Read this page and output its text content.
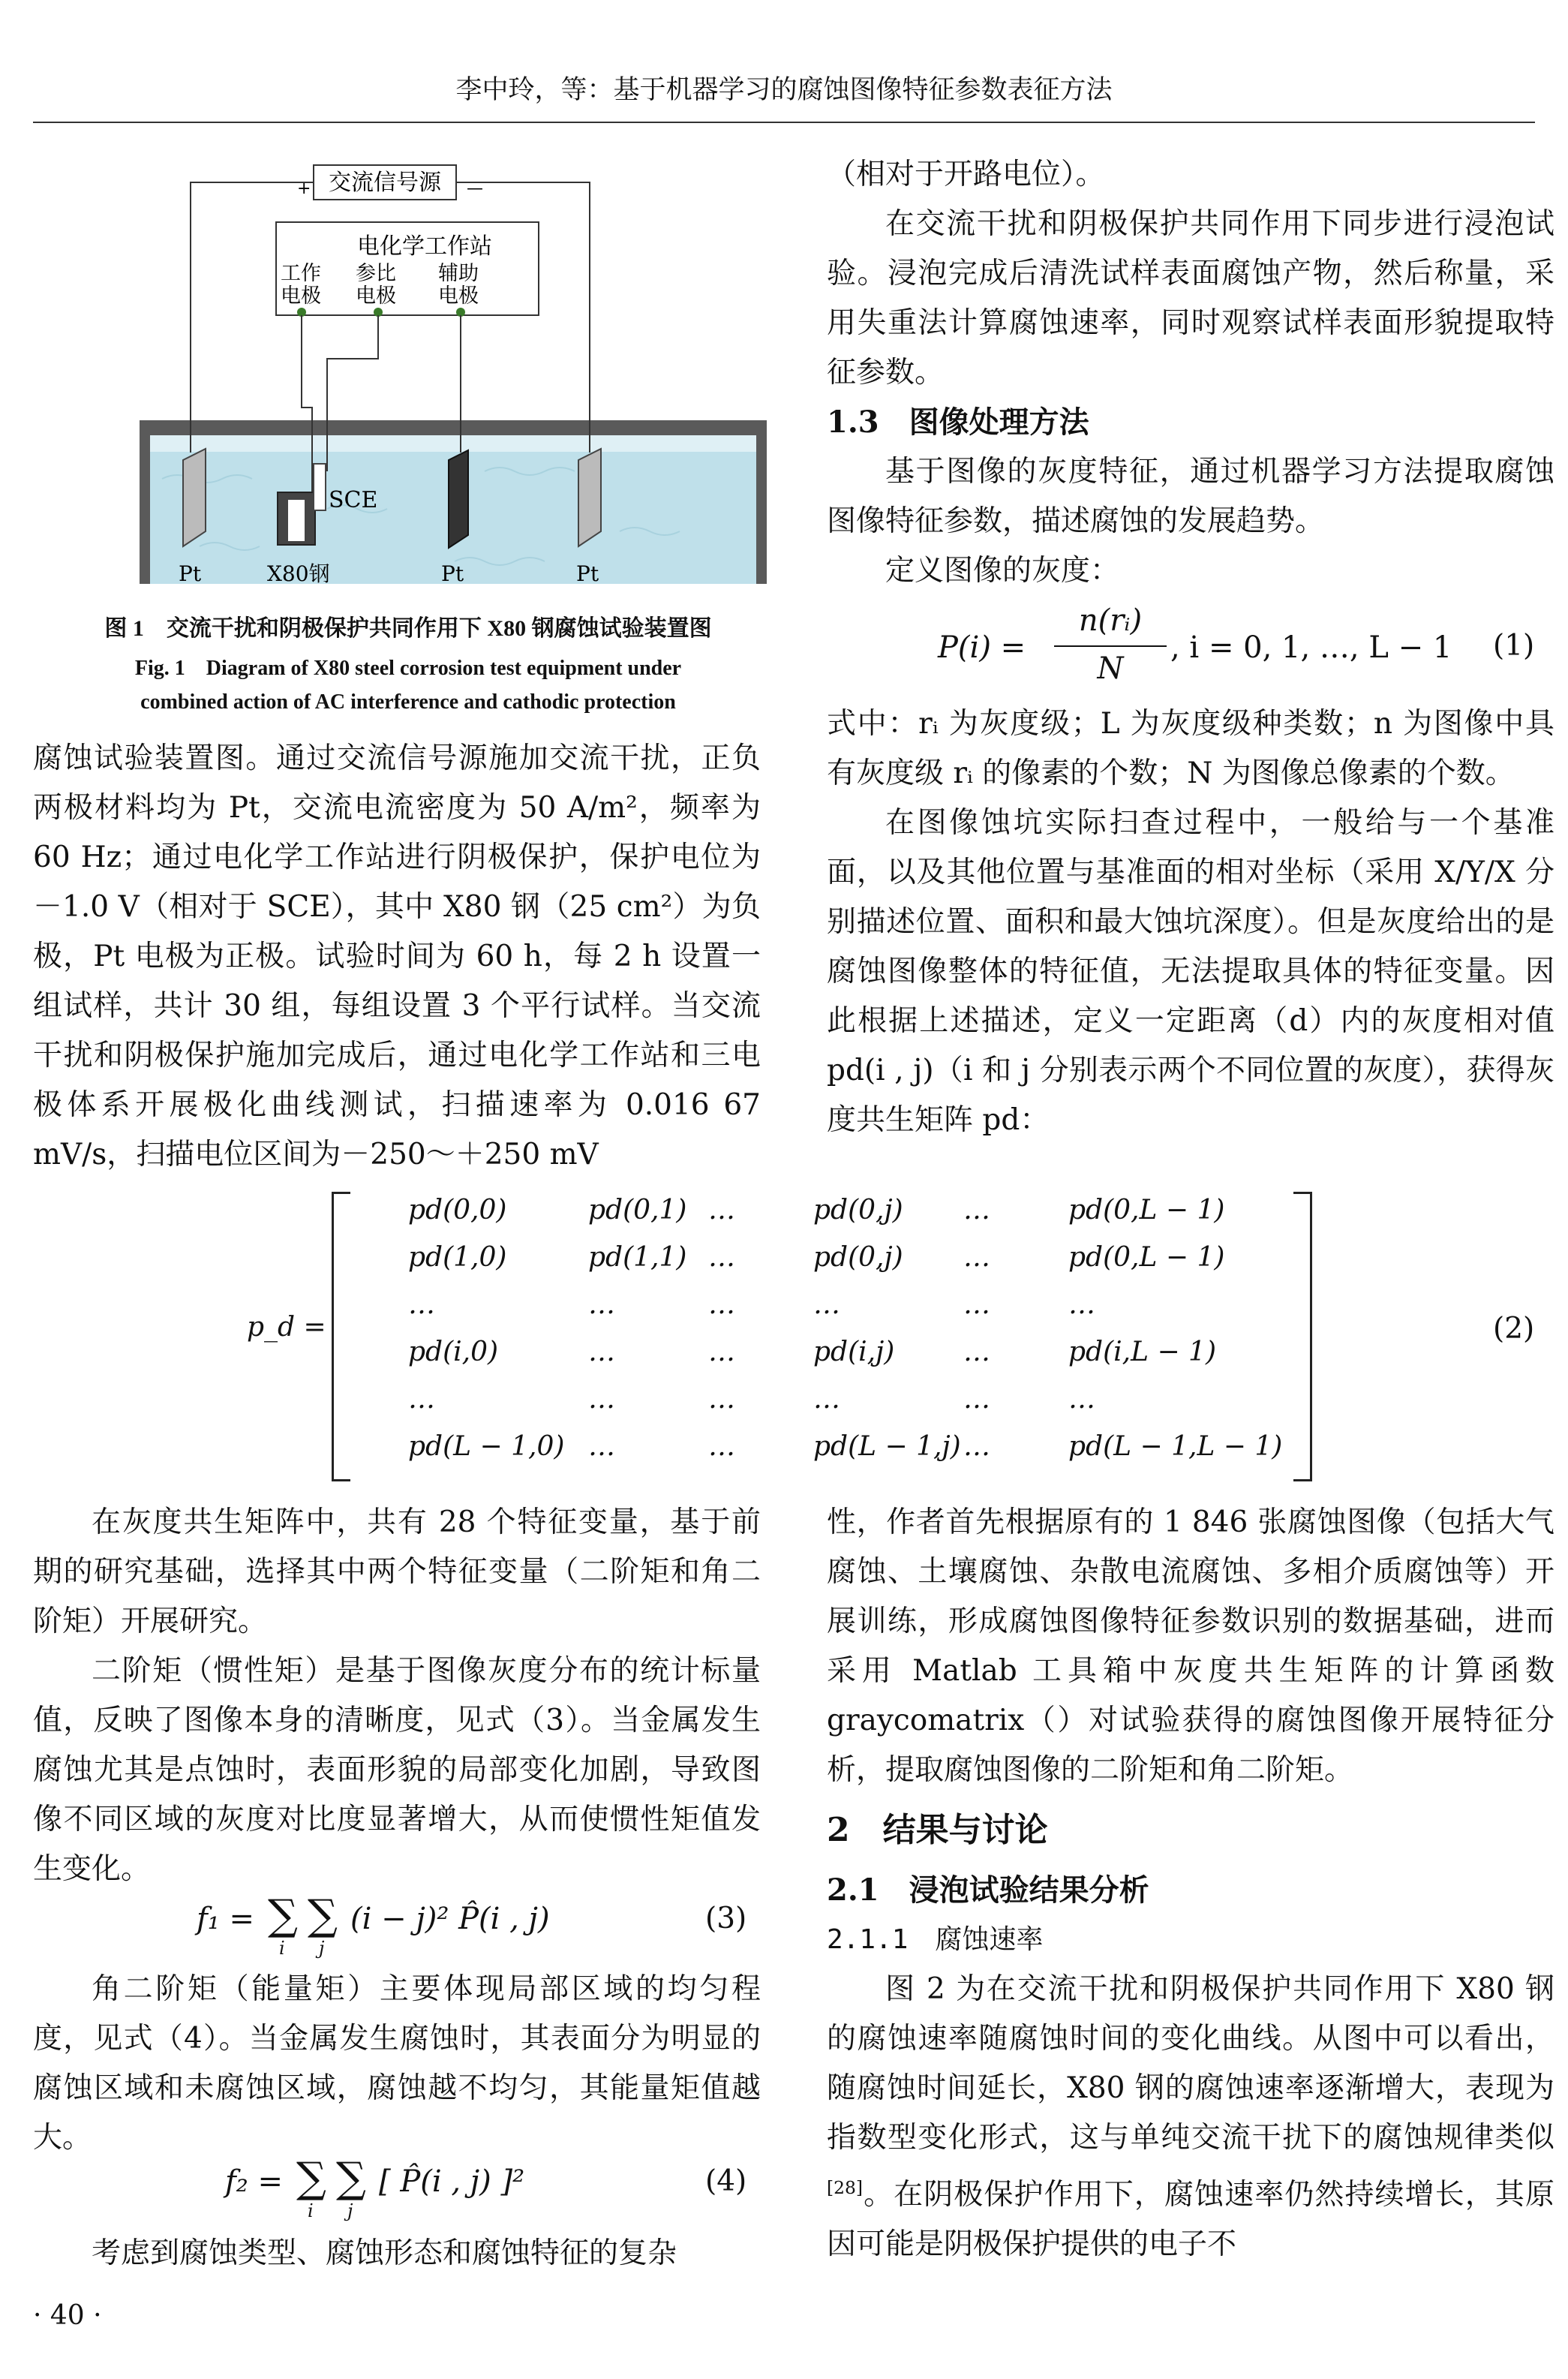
李中玲，等：基于机器学习的腐蚀图像特征参数表征方法
交流信号源
+	—
电化学工作站
工作
电极
参比
电极
辅助
电极
SCE
Pt	X80钢	Pt	Pt
图 1　交流干扰和阴极保护共同作用下 X80 钢腐蚀试验装置图
Fig. 1　Diagram of X80 steel corrosion test equipment under
combined action of AC interference and cathodic protection

腐蚀试验装置图。通过交流信号源施加交流干扰，正负两极材料均为 Pt，交流电流密度为 50 A/m²，频率为 60 Hz；通过电化学工作站进行阴极保护，保护电位为－1.0 V（相对于 SCE），其中 X80 钢（25 cm²）为负极，Pt 电极为正极。试验时间为 60 h，每 2 h 设置一组试样，共计 30 组，每组设置 3 个平行试样。当交流干扰和阴极保护施加完成后，通过电化学工作站和三电极体系开展极化曲线测试，扫描速率为 0.016 67 mV/s，扫描电位区间为－250～＋250 mV

（相对于开路电位）。

在交流干扰和阴极保护共同作用下同步进行浸泡试验。浸泡完成后清洗试样表面腐蚀产物，然后称量，采用失重法计算腐蚀速率，同时观察试样表面形貌提取特征参数。

1.3　图像处理方法

基于图像的灰度特征，通过机器学习方法提取腐蚀图像特征参数，描述腐蚀的发展趋势。

定义图像的灰度：

P(i) =
n(rᵢ)
N
, i = 0, 1, …, L − 1 (1)

式中：rᵢ 为灰度级；L 为灰度级种类数；n 为图像中具有灰度级 rᵢ 的像素的个数；N 为图像总像素的个数。

在图像蚀坑实际扫查过程中，一般给与一个基准面，以及其他位置与基准面的相对坐标（采用 X/Y/X 分别描述位置、面积和最大蚀坑深度）。但是灰度给出的是腐蚀图像整体的特征值，无法提取具体的特征变量。因此根据上述描述，定义一定距离（d）内的灰度相对值 pd(i , j)（i 和 j 分别表示两个不同位置的灰度），获得灰度共生矩阵 pd：

p_d =
pd(0,0)	pd(0,1) …	pd(0,j) …	pd(0,L − 1)
pd(1,0)	pd(1,1) …	pd(0,j) …	pd(0,L − 1)
…	…	…	…	…	…
pd(i,0)	…	…	pd(i,j)	…	pd(i,L − 1)
…	…	…	…	…	…
pd(L − 1,0) …	…	pd(L − 1,j) …	pd(L − 1,L − 1)
(2)

在灰度共生矩阵中，共有 28 个特征变量，基于前期的研究基础，选择其中两个特征变量（二阶矩和角二阶矩）开展研究。

二阶矩（惯性矩）是基于图像灰度分布的统计标量值，反映了图像本身的清晰度，见式（3）。当金属发生腐蚀尤其是点蚀时，表面形貌的局部变化加剧，导致图像不同区域的灰度对比度显著增大，从而使惯性矩值发生变化。

f₁ = ∑
i
∑
j
(i − j)² P̂(i , j)	(3)

角二阶矩（能量矩）主要体现局部区域的均匀程度，见式（4）。当金属发生腐蚀时，其表面分为明显的腐蚀区域和未腐蚀区域，腐蚀越不均匀，其能量矩值越大。

f₂ = ∑
i
∑
j
[ P̂(i , j) ]²	(4)

考虑到腐蚀类型、腐蚀形态和腐蚀特征的复杂

性，作者首先根据原有的 1 846 张腐蚀图像（包括大气腐蚀、土壤腐蚀、杂散电流腐蚀、多相介质腐蚀等）开展训练，形成腐蚀图像特征参数识别的数据基础，进而采用 Matlab 工具箱中灰度共生矩阵的计算函数 graycomatrix（）对试验获得的腐蚀图像开展特征分析，提取腐蚀图像的二阶矩和角二阶矩。

2　结果与讨论

2.1　浸泡试验结果分析

2.1.1　腐蚀速率

图 2 为在交流干扰和阴极保护共同作用下 X80 钢的腐蚀速率随腐蚀时间的变化曲线。从图中可以看出，随腐蚀时间延长，X80 钢的腐蚀速率逐渐增大，表现为指数型变化形式，这与单纯交流干扰下的腐蚀规律类似[28]。在阴极保护作用下，腐蚀速率仍然持续增长，其原因可能是阴极保护提供的电子不

· 40 ·
